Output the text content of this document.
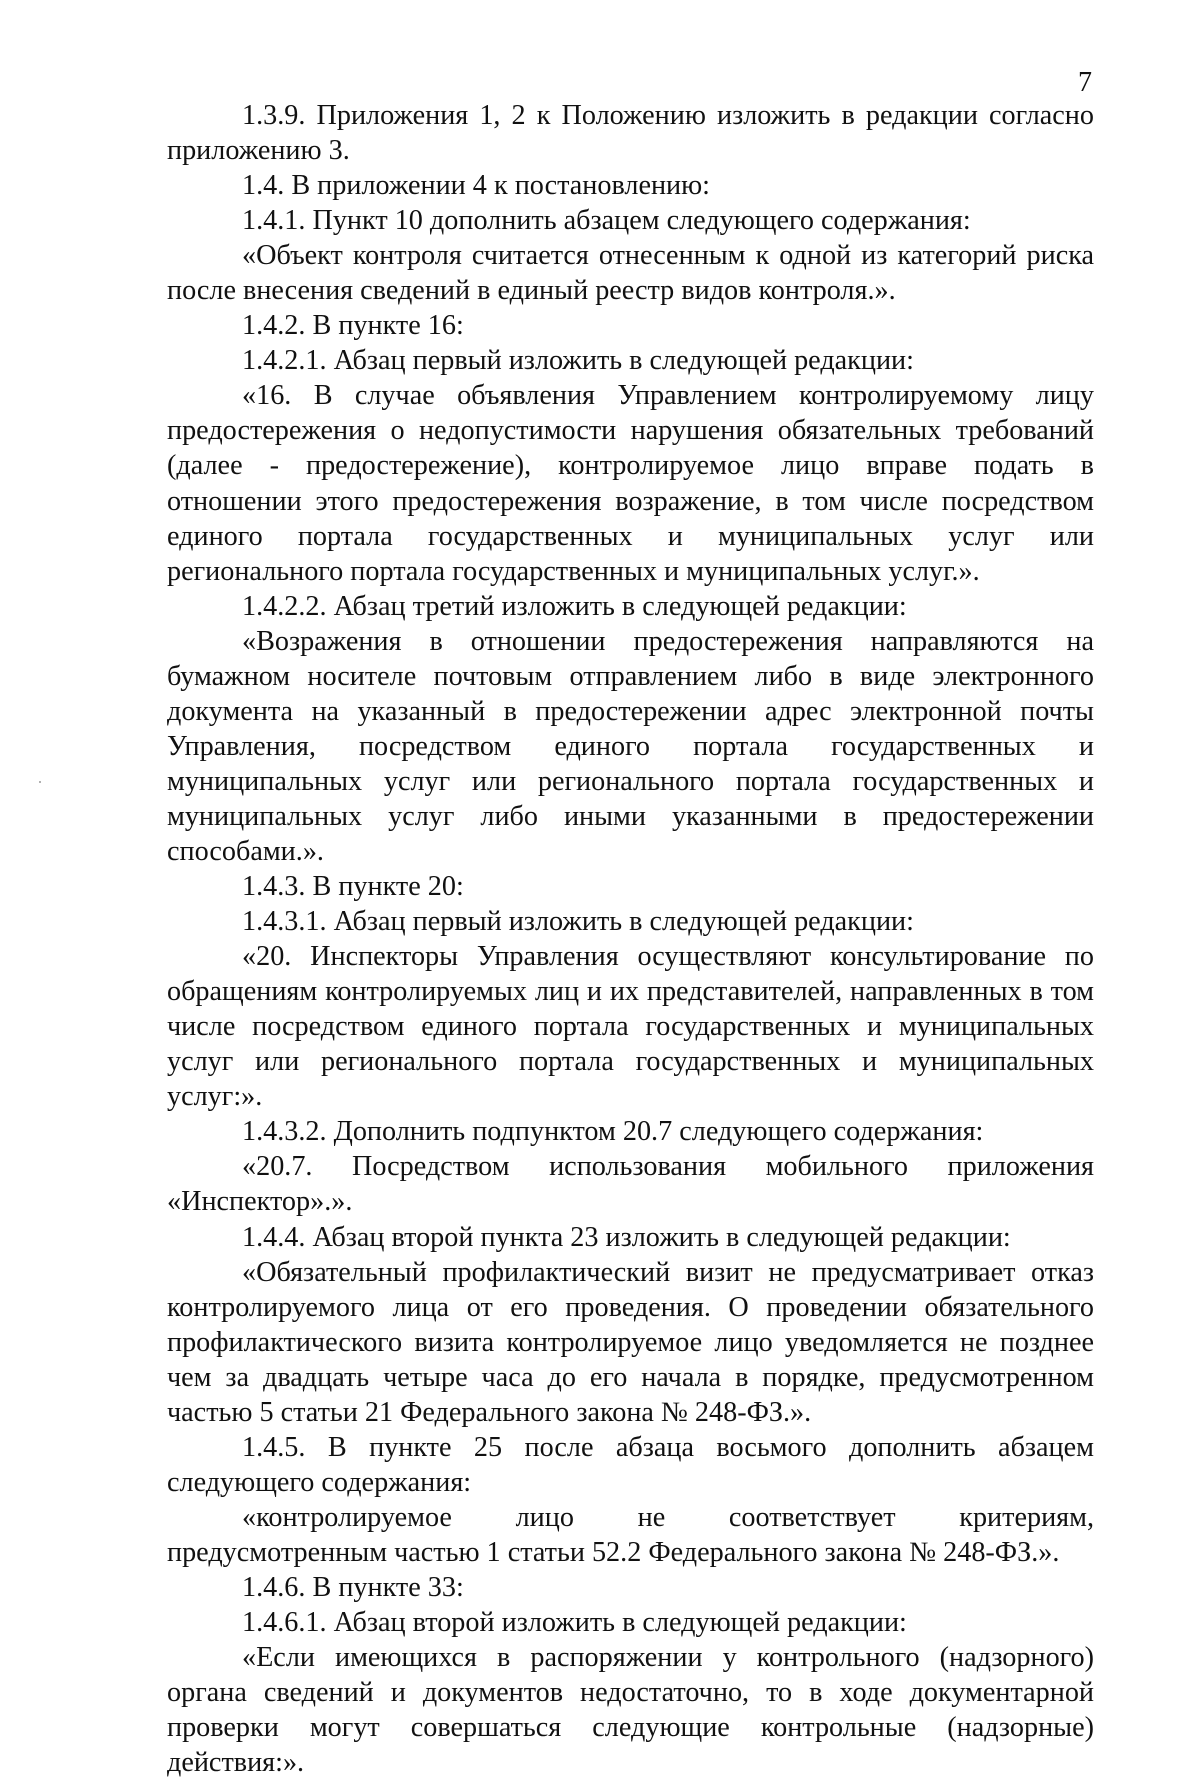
7

1.3.9. Приложения 1, 2 к Положению изложить в редакции согласно приложению 3.

1.4. В приложении 4 к постановлению:

1.4.1. Пункт 10 дополнить абзацем следующего содержания:

«Объект контроля считается отнесенным к одной из категорий риска после внесения сведений в единый реестр видов контроля.».

1.4.2. В пункте 16:

1.4.2.1. Абзац первый изложить в следующей редакции:

«16. В случае объявления Управлением контролируемому лицу предостережения о недопустимости нарушения обязательных требований (далее - предостережение), контролируемое лицо вправе подать в отношении этого предостережения возражение, в том числе посредством единого портала государственных и муниципальных услуг или регионального портала государственных и муниципальных услуг.».

1.4.2.2. Абзац третий изложить в следующей редакции:

«Возражения в отношении предостережения направляются на бумажном носителе почтовым отправлением либо в виде электронного документа на указанный в предостережении адрес электронной почты Управления, посредством единого портала государственных и муниципальных услуг или регионального портала государственных и муниципальных услуг либо иными указанными в предостережении способами.».

1.4.3. В пункте 20:

1.4.3.1. Абзац первый изложить в следующей редакции:

«20. Инспекторы Управления осуществляют консультирование по обращениям контролируемых лиц и их представителей, направленных в том числе посредством единого портала государственных и муниципальных услуг или регионального портала государственных и муниципальных услуг:».

1.4.3.2. Дополнить подпунктом 20.7 следующего содержания:

«20.7. Посредством использования мобильного приложения «Инспектор».».

1.4.4. Абзац второй пункта 23 изложить в следующей редакции:

«Обязательный профилактический визит не предусматривает отказ контролируемого лица от его проведения. О проведении обязательного профилактического визита контролируемое лицо уведомляется не позднее чем за двадцать четыре часа до его начала в порядке, предусмотренном частью 5 статьи 21 Федерального закона № 248-ФЗ.».

1.4.5. В пункте 25 после абзаца восьмого дополнить абзацем следующего содержания:

«контролируемое лицо не соответствует критериям, предусмотренным частью 1 статьи 52.2 Федерального закона № 248-ФЗ.».

1.4.6. В пункте 33:

1.4.6.1. Абзац второй изложить в следующей редакции:

«Если имеющихся в распоряжении у контрольного (надзорного) органа сведений и документов недостаточно, то в ходе документарной проверки могут совершаться следующие контрольные (надзорные) действия:».
